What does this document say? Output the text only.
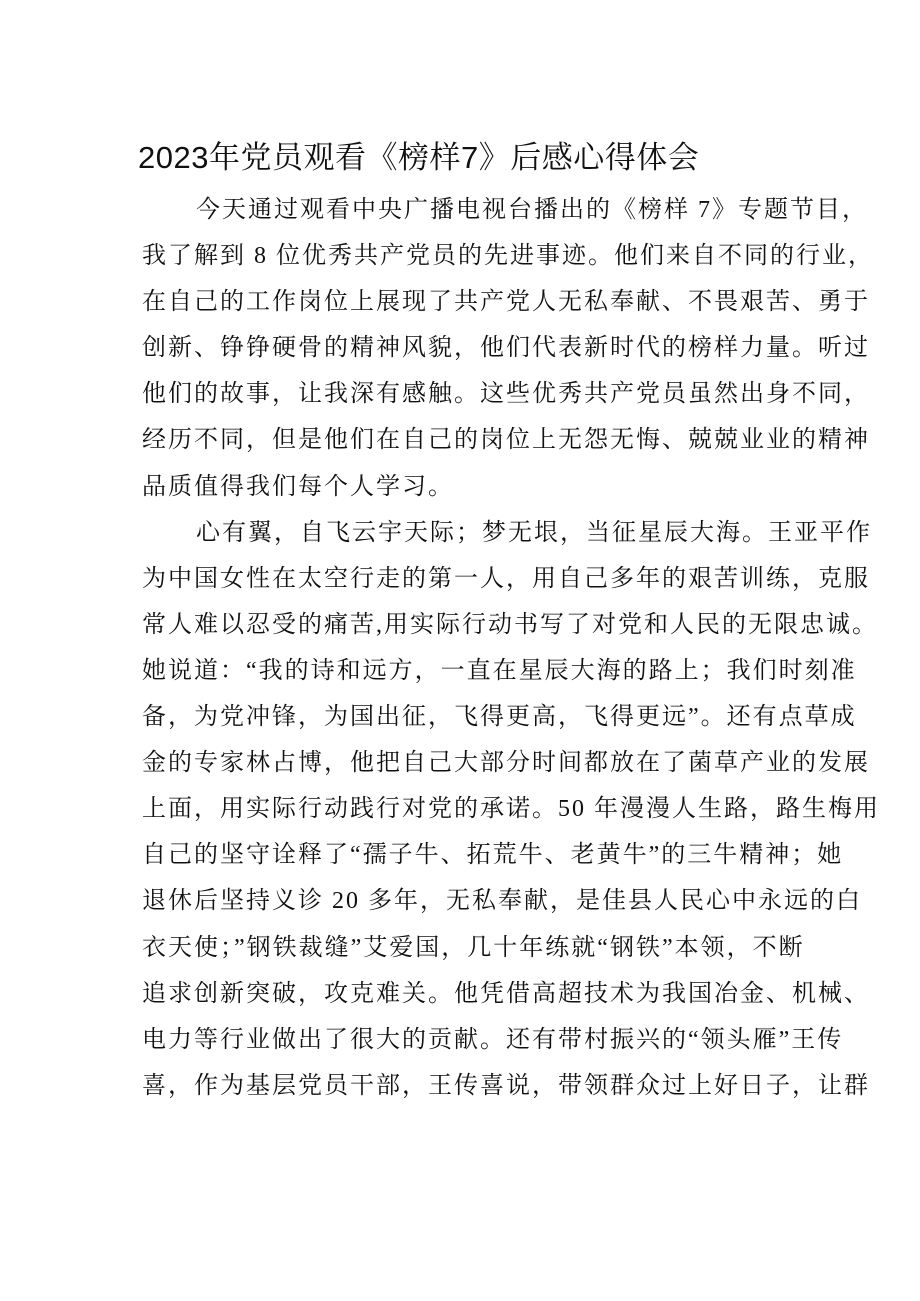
2023年党员观看《榜样7》后感心得体会
今天通过观看中央广播电视台播出的《榜样 7》专题节目，
我了解到 8 位优秀共产党员的先进事迹。他们来自不同的行业，
在自己的工作岗位上展现了共产党人无私奉献、不畏艰苦、勇于
创新、铮铮硬骨的精神风貌，他们代表新时代的榜样力量。听过
他们的故事，让我深有感触。这些优秀共产党员虽然出身不同，
经历不同，但是他们在自己的岗位上无怨无悔、兢兢业业的精神
品质值得我们每个人学习。
心有翼，自飞云宇天际；梦无垠，当征星辰大海。王亚平作
为中国女性在太空行走的第一人，用自己多年的艰苦训练，克服
常人难以忍受的痛苦,用实际行动书写了对党和人民的无限忠诚。
她说道：“我的诗和远方，一直在星辰大海的路上；我们时刻准
备，为党冲锋，为国出征，飞得更高，飞得更远”。还有点草成
金的专家林占博，他把自己大部分时间都放在了菌草产业的发展
上面，用实际行动践行对党的承诺。50 年漫漫人生路，路生梅用
自己的坚守诠释了“孺子牛、拓荒牛、老黄牛”的三牛精神；她
退休后坚持义诊 20 多年，无私奉献，是佳县人民心中永远的白
衣天使；”钢铁裁缝”艾爱国，几十年练就“钢铁”本领，不断
追求创新突破，攻克难关。他凭借高超技术为我国冶金、机械、
电力等行业做出了很大的贡献。还有带村振兴的“领头雁”王传
喜，作为基层党员干部，王传喜说，带领群众过上好日子，让群
